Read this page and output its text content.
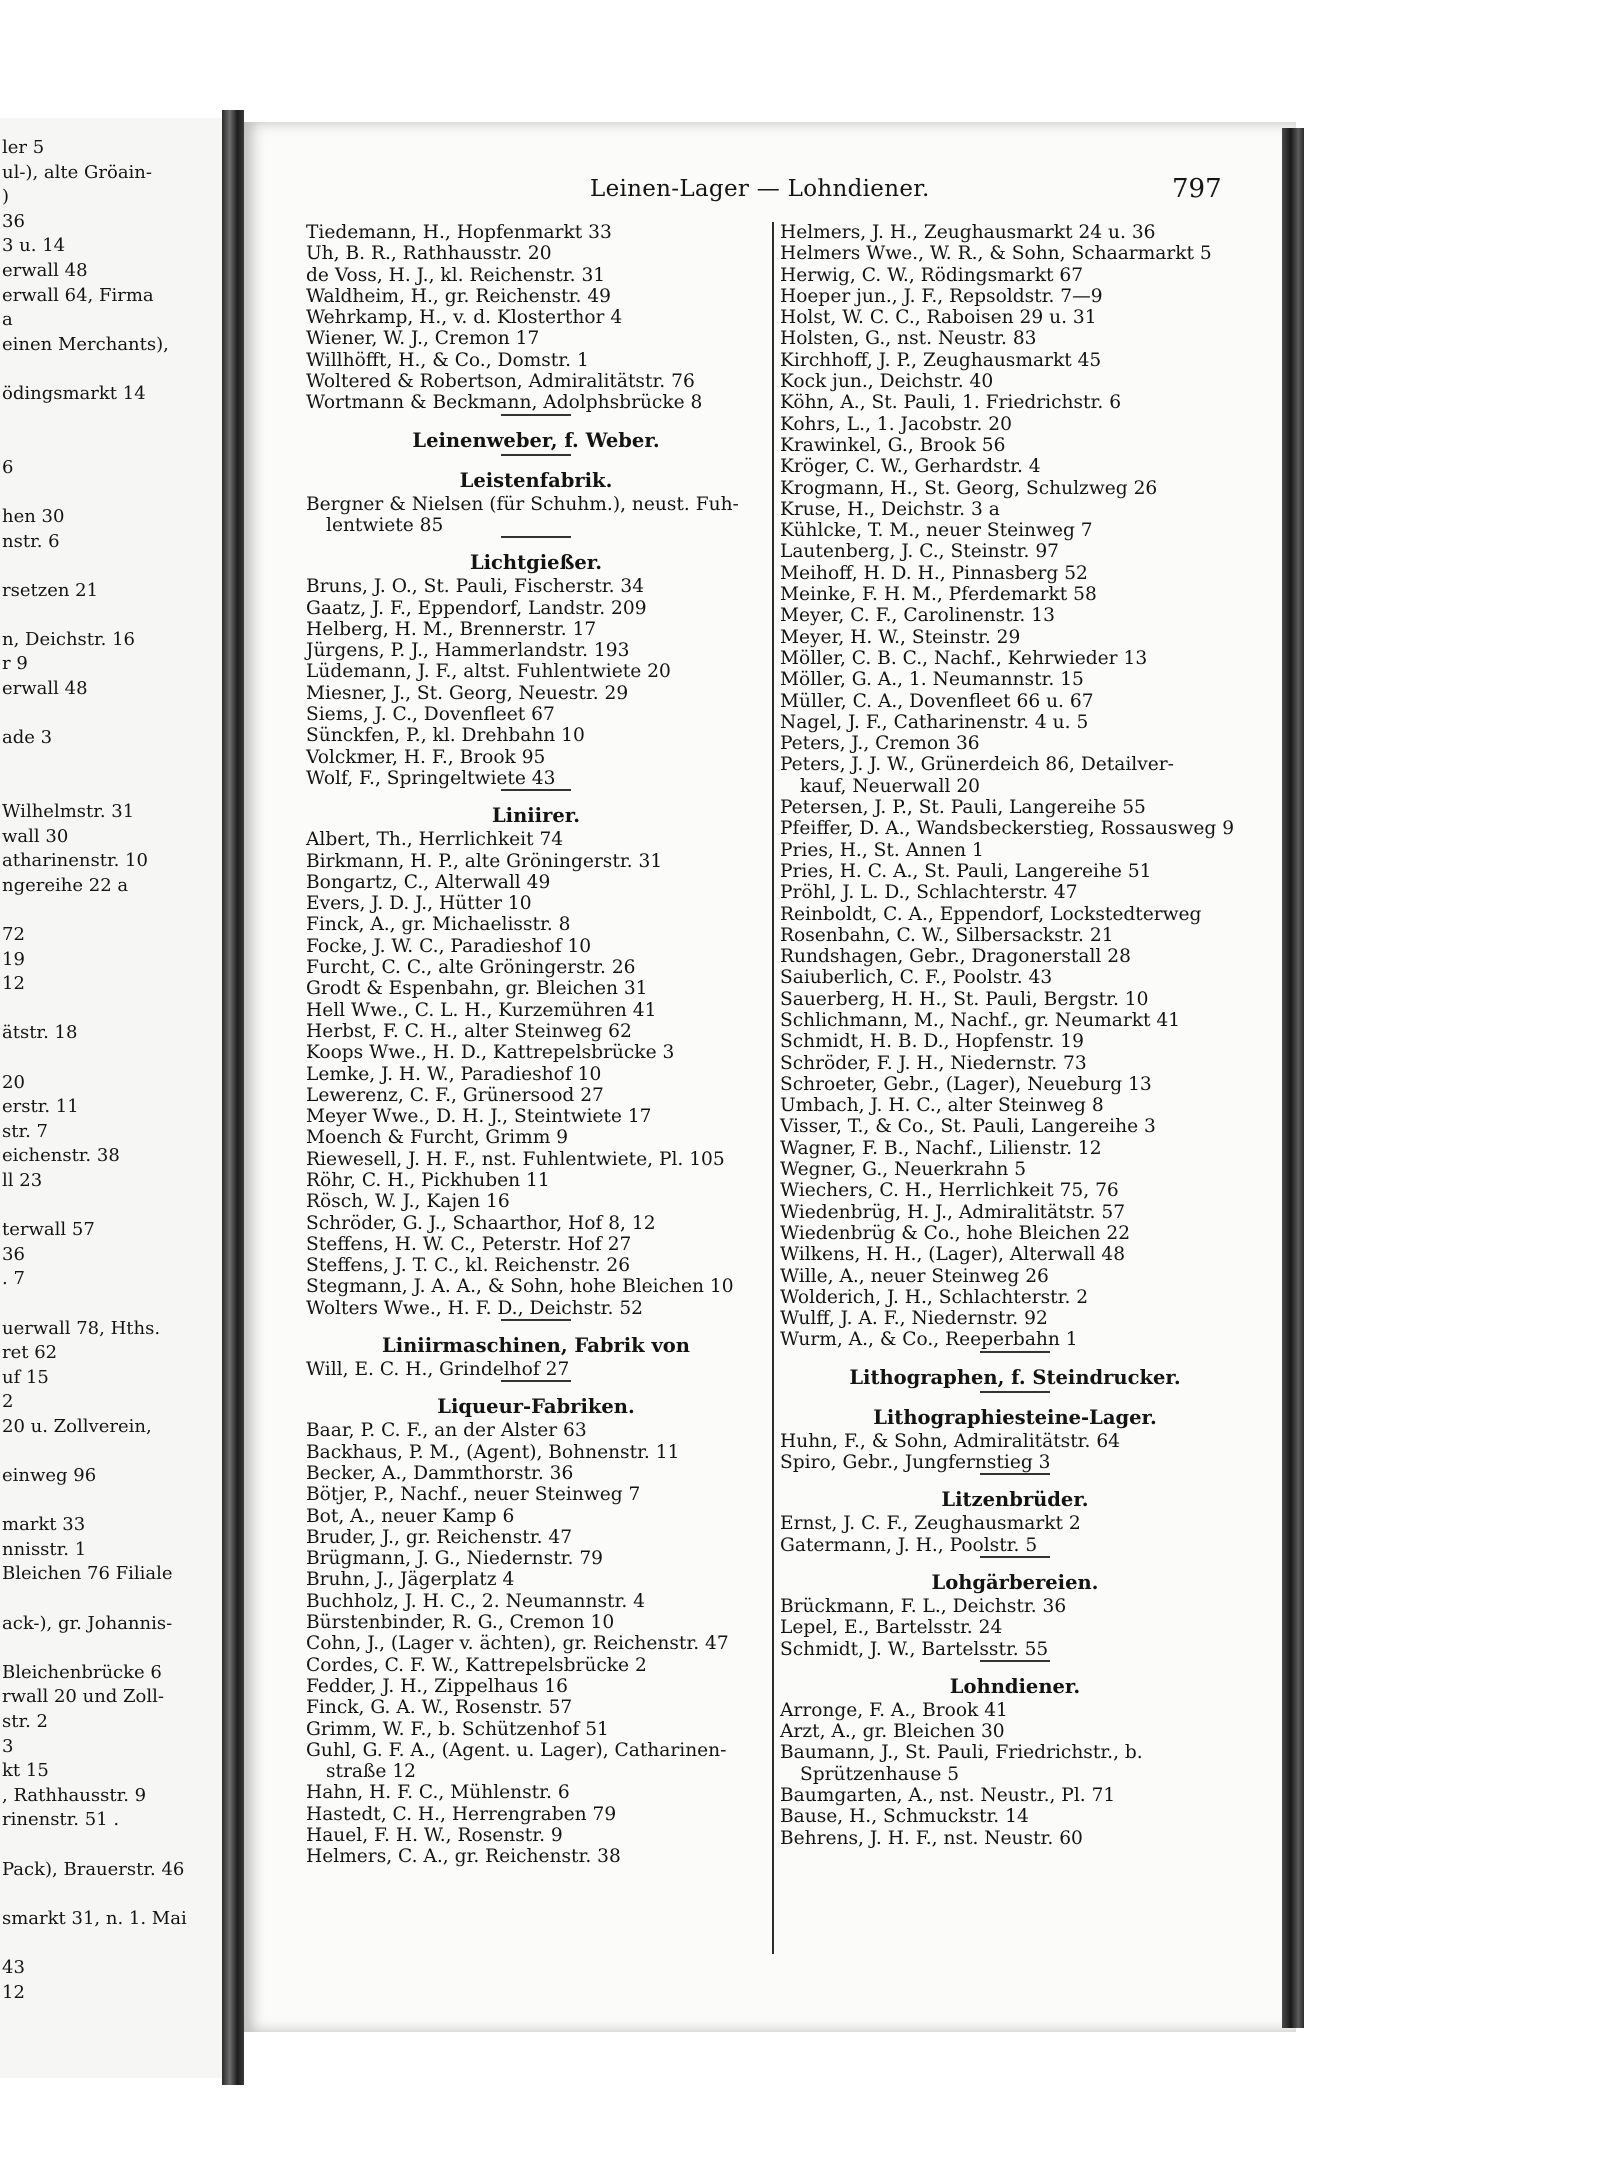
ler 5
ul-), alte Gröain-
)
36
3 u. 14
erwall 48
erwall 64, Firma
a
einen Merchants),
ödingsmarkt 14
6
hen 30
nstr. 6
rsetzen 21
n, Deichstr. 16
r 9
erwall 48
ade 3
Wilhelmstr. 31
wall 30
atharinenstr. 10
ngereihe 22 a
72
19
12
ätstr. 18
20
erstr. 11
str. 7
eichenstr. 38
ll 23
terwall 57
36
. 7
uerwall 78, Hths.
ret 62
uf 15
2
20 u. Zollverein,
einweg 96
markt 33
nnisstr. 1
Bleichen 76 Filiale
ack-), gr. Johannis-
Bleichenbrücke 6
rwall 20 und Zoll-
str. 2
3
kt 15
, Rathhausstr. 9
rinenstr. 51 .
Pack), Brauerstr. 46
smarkt 31, n. 1. Mai
43
12
Leinen-Lager — Lohndiener.	797
Tiedemann, H., Hopfenmarkt 33
Uh, B. R., Rathhausstr. 20
de Voss, H. J., kl. Reichenstr. 31
Waldheim, H., gr. Reichenstr. 49
Wehrkamp, H., v. d. Klosterthor 4
Wiener, W. J., Cremon 17
Willhöfft, H., & Co., Domstr. 1
Woltered & Robertson, Admiralitätstr. 76
Wortmann & Beckmann, Adolphsbrücke 8
Leinenweber, f. Weber.
Leistenfabrik.
Bergner & Nielsen (für Schuhm.), neust. Fuh-
lentwiete 85
Lichtgießer.
Bruns, J. O., St. Pauli, Fischerstr. 34
Gaatz, J. F., Eppendorf, Landstr. 209
Helberg, H. M., Brennerstr. 17
Jürgens, P. J., Hammerlandstr. 193
Lüdemann, J. F., altst. Fuhlentwiete 20
Miesner, J., St. Georg, Neuestr. 29
Siems, J. C., Dovenfleet 67
Sünckfen, P., kl. Drehbahn 10
Volckmer, H. F., Brook 95
Wolf, F., Springeltwiete 43
Liniirer.
Albert, Th., Herrlichkeit 74
Birkmann, H. P., alte Gröningerstr. 31
Bongartz, C., Alterwall 49
Evers, J. D. J., Hütter 10
Finck, A., gr. Michaelisstr. 8
Focke, J. W. C., Paradieshof 10
Furcht, C. C., alte Gröningerstr. 26
Grodt & Espenbahn, gr. Bleichen 31
Hell Wwe., C. L. H., Kurzemühren 41
Herbst, F. C. H., alter Steinweg 62
Koops Wwe., H. D., Kattrepelsbrücke 3
Lemke, J. H. W., Paradieshof 10
Lewerenz, C. F., Grünersood 27
Meyer Wwe., D. H. J., Steintwiete 17
Moench & Furcht, Grimm 9
Riewesell, J. H. F., nst. Fuhlentwiete, Pl. 105
Röhr, C. H., Pickhuben 11
Rösch, W. J., Kajen 16
Schröder, G. J., Schaarthor, Hof 8, 12
Steffens, H. W. C., Peterstr. Hof 27
Steffens, J. T. C., kl. Reichenstr. 26
Stegmann, J. A. A., & Sohn, hohe Bleichen 10
Wolters Wwe., H. F. D., Deichstr. 52
Liniirmaschinen, Fabrik von
Will, E. C. H., Grindelhof 27
Liqueur-Fabriken.
Baar, P. C. F., an der Alster 63
Backhaus, P. M., (Agent), Bohnenstr. 11
Becker, A., Dammthorstr. 36
Bötjer, P., Nachf., neuer Steinweg 7
Bot, A., neuer Kamp 6
Bruder, J., gr. Reichenstr. 47
Brügmann, J. G., Niedernstr. 79
Bruhn, J., Jägerplatz 4
Buchholz, J. H. C., 2. Neumannstr. 4
Bürstenbinder, R. G., Cremon 10
Cohn, J., (Lager v. ächten), gr. Reichenstr. 47
Cordes, C. F. W., Kattrepelsbrücke 2
Fedder, J. H., Zippelhaus 16
Finck, G. A. W., Rosenstr. 57
Grimm, W. F., b. Schützenhof 51
Guhl, G. F. A., (Agent. u. Lager), Catharinen-
straße 12
Hahn, H. F. C., Mühlenstr. 6
Hastedt, C. H., Herrengraben 79
Hauel, F. H. W., Rosenstr. 9
Helmers, C. A., gr. Reichenstr. 38
Helmers, J. H., Zeughausmarkt 24 u. 36
Helmers Wwe., W. R., & Sohn, Schaarmarkt 5
Herwig, C. W., Rödingsmarkt 67
Hoeper jun., J. F., Repsoldstr. 7—9
Holst, W. C. C., Raboisen 29 u. 31
Holsten, G., nst. Neustr. 83
Kirchhoff, J. P., Zeughausmarkt 45
Kock jun., Deichstr. 40
Köhn, A., St. Pauli, 1. Friedrichstr. 6
Kohrs, L., 1. Jacobstr. 20
Krawinkel, G., Brook 56
Kröger, C. W., Gerhardstr. 4
Krogmann, H., St. Georg, Schulzweg 26
Kruse, H., Deichstr. 3 a
Kühlcke, T. M., neuer Steinweg 7
Lautenberg, J. C., Steinstr. 97
Meihoff, H. D. H., Pinnasberg 52
Meinke, F. H. M., Pferdemarkt 58
Meyer, C. F., Carolinenstr. 13
Meyer, H. W., Steinstr. 29
Möller, C. B. C., Nachf., Kehrwieder 13
Möller, G. A., 1. Neumannstr. 15
Müller, C. A., Dovenfleet 66 u. 67
Nagel, J. F., Catharinenstr. 4 u. 5
Peters, J., Cremon 36
Peters, J. J. W., Grünerdeich 86, Detailver-
kauf, Neuerwall 20
Petersen, J. P., St. Pauli, Langereihe 55
Pfeiffer, D. A., Wandsbeckerstieg, Rossausweg 9
Pries, H., St. Annen 1
Pries, H. C. A., St. Pauli, Langereihe 51
Pröhl, J. L. D., Schlachterstr. 47
Reinboldt, C. A., Eppendorf, Lockstedterweg
Rosenbahn, C. W., Silbersackstr. 21
Rundshagen, Gebr., Dragonerstall 28
Saiuberlich, C. F., Poolstr. 43
Sauerberg, H. H., St. Pauli, Bergstr. 10
Schlichmann, M., Nachf., gr. Neumarkt 41
Schmidt, H. B. D., Hopfenstr. 19
Schröder, F. J. H., Niedernstr. 73
Schroeter, Gebr., (Lager), Neueburg 13
Umbach, J. H. C., alter Steinweg 8
Visser, T., & Co., St. Pauli, Langereihe 3
Wagner, F. B., Nachf., Lilienstr. 12
Wegner, G., Neuerkrahn 5
Wiechers, C. H., Herrlichkeit 75, 76
Wiedenbrüg, H. J., Admiralitätstr. 57
Wiedenbrüg & Co., hohe Bleichen 22
Wilkens, H. H., (Lager), Alterwall 48
Wille, A., neuer Steinweg 26
Wolderich, J. H., Schlachterstr. 2
Wulff, J. A. F., Niedernstr. 92
Wurm, A., & Co., Reeperbahn 1
Lithographen, f. Steindrucker.
Lithographiesteine-Lager.
Huhn, F., & Sohn, Admiralitätstr. 64
Spiro, Gebr., Jungfernstieg 3
Litzenbrüder.
Ernst, J. C. F., Zeughausmarkt 2
Gatermann, J. H., Poolstr. 5
Lohgärbereien.
Brückmann, F. L., Deichstr. 36
Lepel, E., Bartelsstr. 24
Schmidt, J. W., Bartelsstr. 55
Lohndiener.
Arronge, F. A., Brook 41
Arzt, A., gr. Bleichen 30
Baumann, J., St. Pauli, Friedrichstr., b.
Sprützenhause 5
Baumgarten, A., nst. Neustr., Pl. 71
Bause, H., Schmuckstr. 14
Behrens, J. H. F., nst. Neustr. 60
